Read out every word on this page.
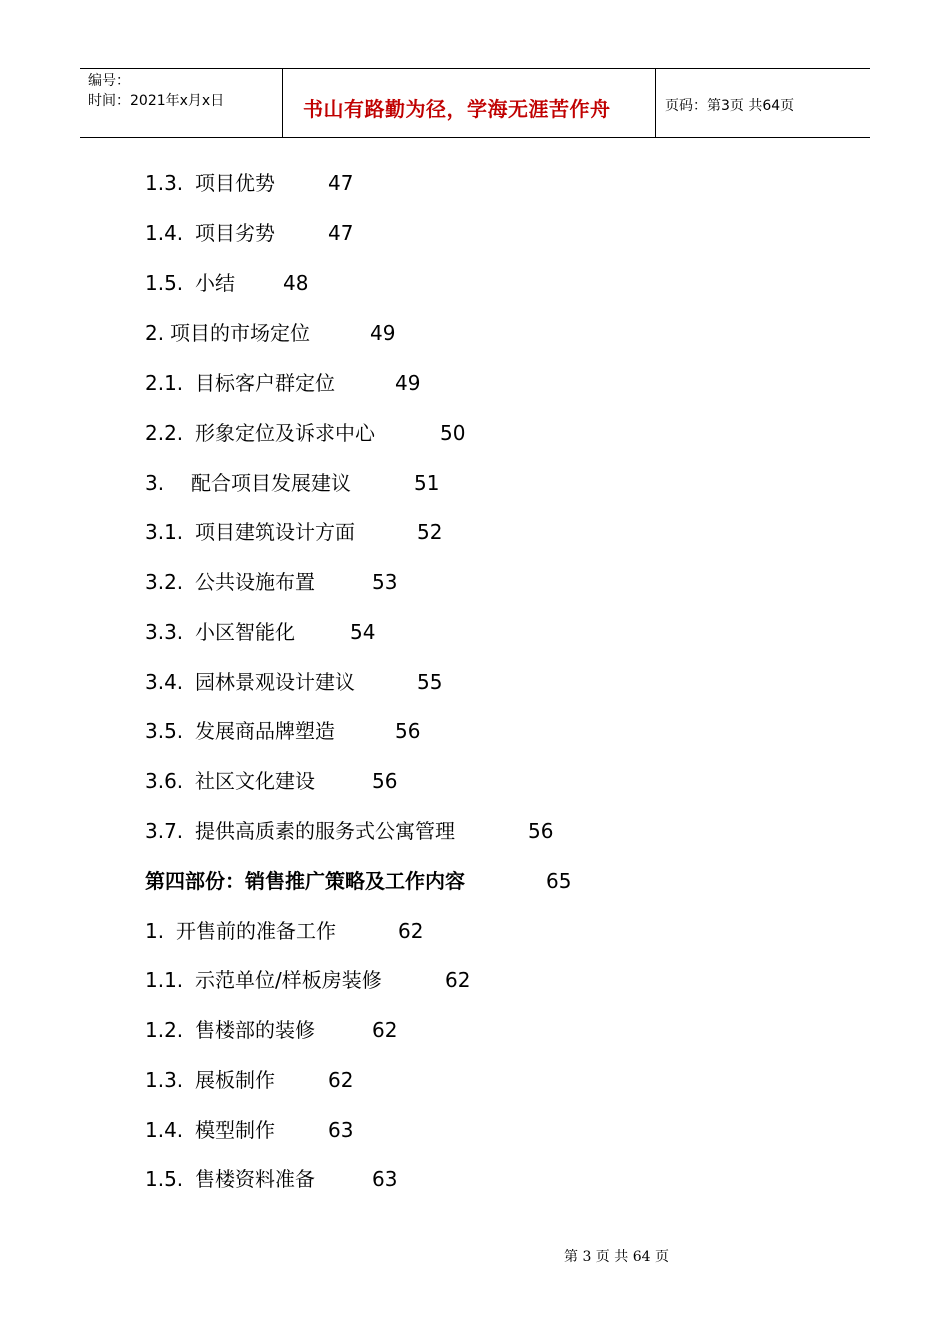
编号：
时间：2021年x月x日	书山有路勤为径，学海无涯苦作舟	页码：第3页 共64页
1.3. 项目优势	47
1.4. 项目劣势	47
1.5. 小结 48
2. 项目的市场定位	49
2.1. 目标客户群定位	49
2.2. 形象定位及诉求中心	50
3. 配合项目发展建议	51
3.1. 项目建筑设计方面	52
3.2. 公共设施布置	53
3.3. 小区智能化	54
3.4. 园林景观设计建议	55
3.5. 发展商品牌塑造	56
3.6. 社区文化建设	56
3.7. 提供高质素的服务式公寓管理	56
第四部份：销售推广策略及工作内容	65
1. 开售前的准备工作	62
1.1. 示范单位/样板房装修	62
1.2. 售楼部的装修	62
1.3. 展板制作	62
1.4. 模型制作	63
1.5. 售楼资料准备	63
第 3 页 共 64 页
